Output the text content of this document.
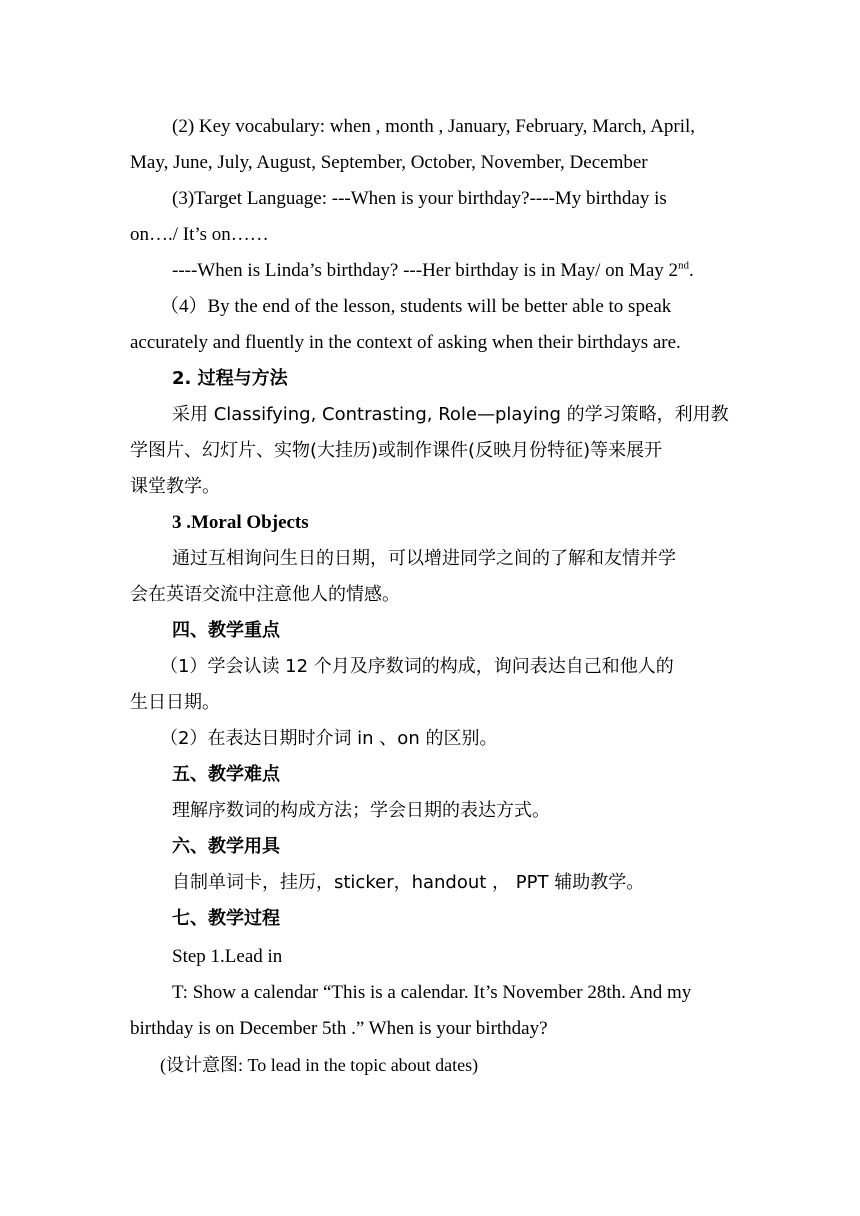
(2) Key vocabulary: when , month , January, February, March, April,
May, June, July, August, September, October, November, December
(3)Target Language: ---When is your birthday?----My birthday is
on…./ It’s on……
----When is Linda’s birthday? ---Her birthday is in May/ on May 2nd.
（4）By the end of the lesson, students will be better able to speak
accurately and fluently in the context of asking when their birthdays are.
2. 过程与方法
采用 Classifying, Contrasting, Role—playing 的学习策略，利用教
学图片、幻灯片、实物(大挂历)或制作课件(反映月份特征)等来展开
课堂教学。
3 .Moral Objects
通过互相询问生日的日期，可以增进同学之间的了解和友情并学
会在英语交流中注意他人的情感。
四、教学重点
（1）学会认读 12 个月及序数词的构成，询问表达自己和他人的
生日日期。
（2）在表达日期时介词 in 、on 的区别。
五、教学难点
理解序数词的构成方法；学会日期的表达方式。
六、教学用具
自制单词卡，挂历，sticker，handout ， PPT 辅助教学。
七、教学过程
Step 1.Lead in
T: Show a calendar “This is a calendar. It’s November 28th. And my
birthday is on December 5th .” When is your birthday?
(设计意图: To lead in the topic about dates)
